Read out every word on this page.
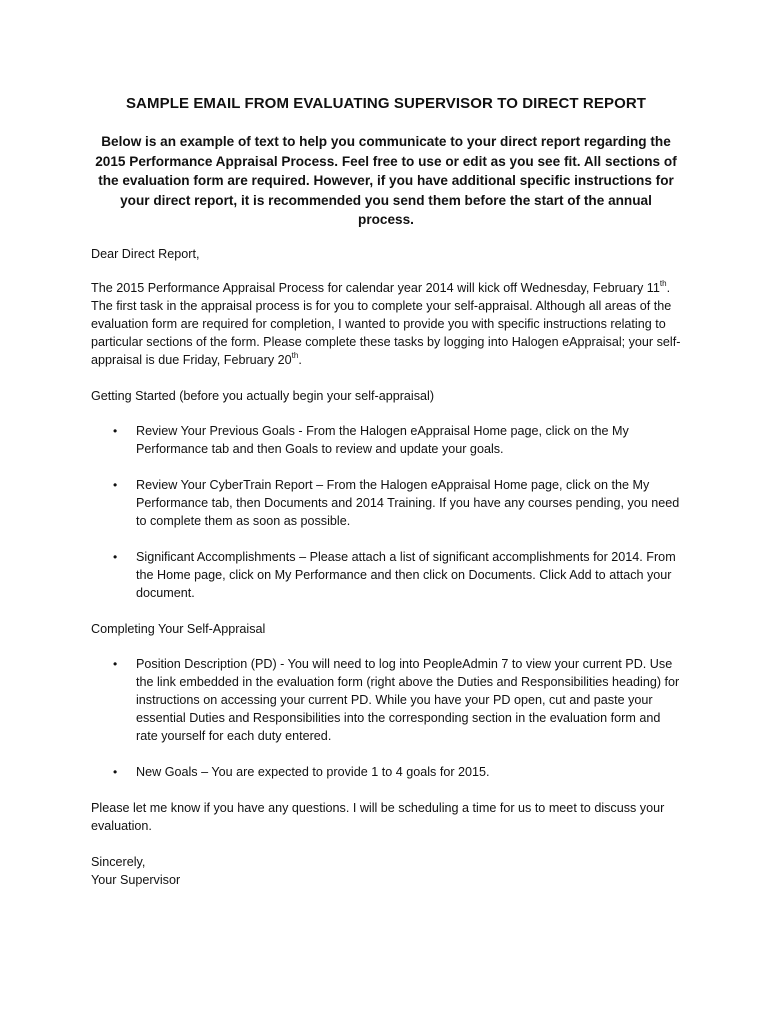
SAMPLE EMAIL FROM EVALUATING SUPERVISOR TO DIRECT REPORT
Below is an example of text to help you communicate to your direct report regarding the 2015 Performance Appraisal Process. Feel free to use or edit as you see fit. All sections of the evaluation form are required. However, if you have additional specific instructions for your direct report, it is recommended you send them before the start of the annual process.

Dear Direct Report,

The 2015 Performance Appraisal Process for calendar year 2014 will kick off Wednesday, February 11th. The first task in the appraisal process is for you to complete your self-appraisal. Although all areas of the evaluation form are required for completion, I wanted to provide you with specific instructions relating to particular sections of the form. Please complete these tasks by logging into Halogen eAppraisal; your self-appraisal is due Friday, February 20th.

Getting Started (before you actually begin your self-appraisal)

• Review Your Previous Goals - From the Halogen eAppraisal Home page, click on the My Performance tab and then Goals to review and update your goals.
• Review Your CyberTrain Report – From the Halogen eAppraisal Home page, click on the My Performance tab, then Documents and 2014 Training. If you have any courses pending, you need to complete them as soon as possible.
• Significant Accomplishments – Please attach a list of significant accomplishments for 2014. From the Home page, click on My Performance and then click on Documents. Click Add to attach your document.

Completing Your Self-Appraisal

• Position Description (PD) - You will need to log into PeopleAdmin 7 to view your current PD. Use the link embedded in the evaluation form (right above the Duties and Responsibilities heading) for instructions on accessing your current PD. While you have your PD open, cut and paste your essential Duties and Responsibilities into the corresponding section in the evaluation form and rate yourself for each duty entered.
• New Goals – You are expected to provide 1 to 4 goals for 2015.

Please let me know if you have any questions. I will be scheduling a time for us to meet to discuss your evaluation.

Sincerely,
Your Supervisor
